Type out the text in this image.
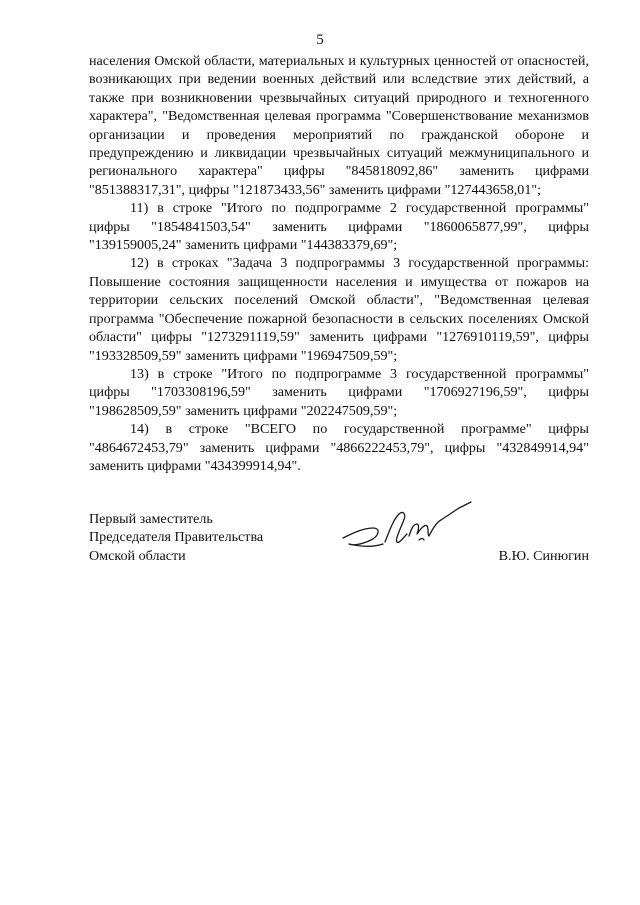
5

населения Омской области, материальных и культурных ценностей от опасностей, возникающих при ведении военных действий или вследствие этих действий, а также при возникновении чрезвычайных ситуаций природного и техногенного характера", "Ведомственная целевая программа "Совершенствование механизмов организации и проведения мероприятий по гражданской обороне и предупреждению и ликвидации чрезвычайных ситуаций межмуниципального и регионального характера" цифры "845818092,86" заменить цифрами "851388317,31", цифры "121873433,56" заменить цифрами "127443658,01";

11) в строке "Итого по подпрограмме 2 государственной программы" цифры "1854841503,54" заменить цифрами "1860065877,99", цифры "139159005,24" заменить цифрами "144383379,69";

12) в строках "Задача 3 подпрограммы 3 государственной программы: Повышение состояния защищенности населения и имущества от пожаров на территории сельских поселений Омской области", "Ведомственная целевая программа "Обеспечение пожарной безопасности в сельских поселениях Омской области" цифры "1273291119,59" заменить цифрами "1276910119,59", цифры "193328509,59" заменить цифрами "196947509,59";

13) в строке "Итого по подпрограмме 3 государственной программы" цифры "1703308196,59" заменить цифрами "1706927196,59", цифры "198628509,59" заменить цифрами "202247509,59";

14) в строке "ВСЕГО по государственной программе" цифры "4864672453,79" заменить цифрами "4866222453,79", цифры "432849914,94" заменить цифрами "434399914,94".

Первый заместитель
Председателя Правительства
Омской области	В.Ю. Синюгин
